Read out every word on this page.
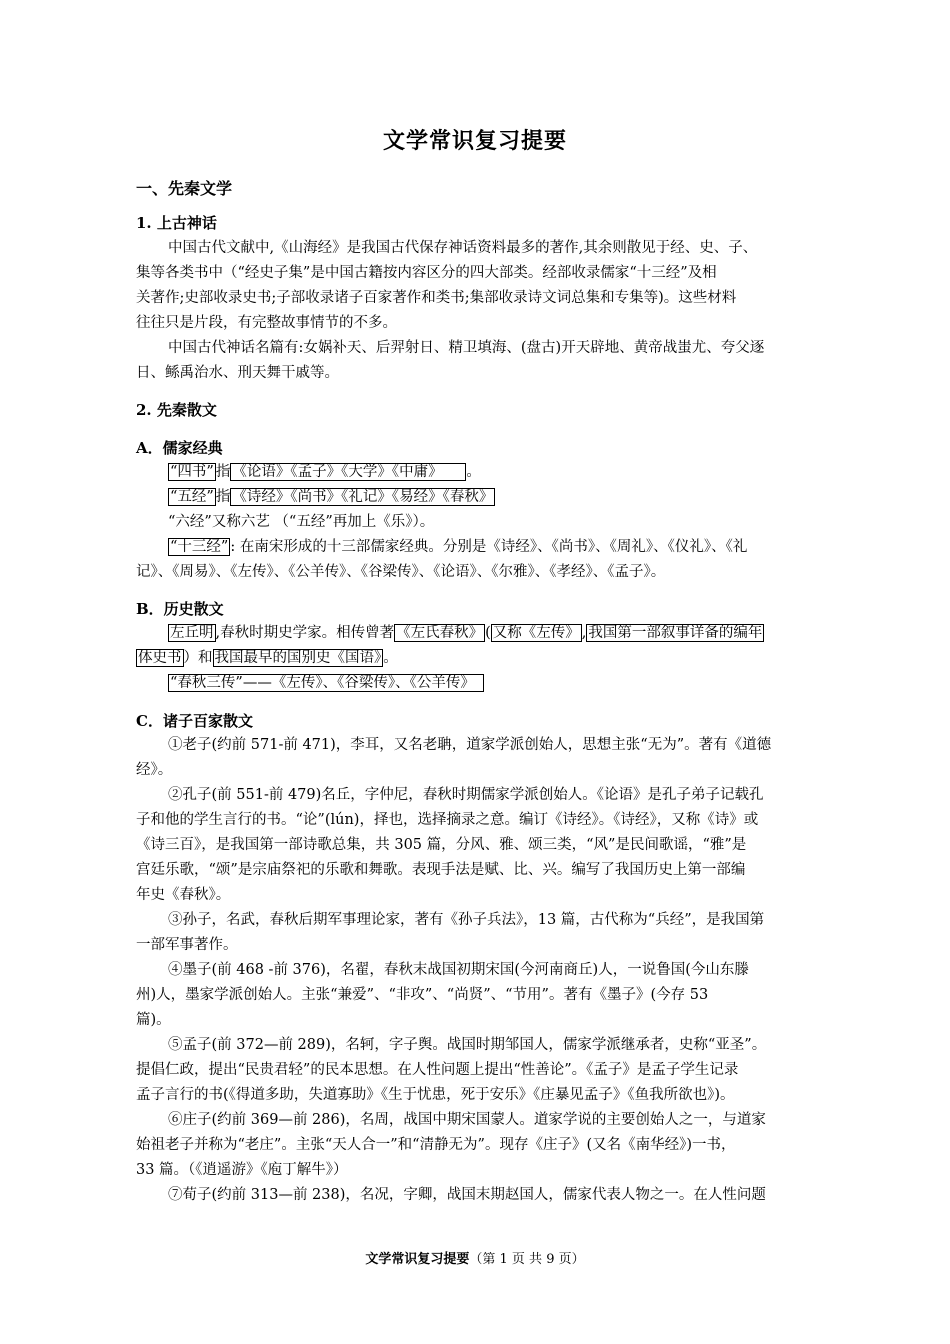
文学常识复习提要
一、先秦文学
1. 上古神话
中国古代文献中,《山海经》是我国古代保存神话资料最多的著作,其余则散见于经、史、子、
集等各类书中（“经史子集”是中国古籍按内容区分的四大部类。经部收录儒家“十三经”及相
关著作;史部收录史书;子部收录诸子百家著作和类书;集部收录诗文词总集和专集等)。这些材料
往往只是片段，有完整故事情节的不多。
中国古代神话名篇有:女娲补天、后羿射日、精卫填海、(盘古)开天辟地、黄帝战蚩尤、夸父逐
日、鲧禹治水、刑天舞干戚等。
2. 先秦散文
A．儒家经典
“四书” 指 《论语》《孟子》《大学》《中庸》 。
“五经” 指 《诗经》《尚书》《礼记》《易经》《春秋》
“六经”又称六艺 （“五经”再加上《乐》）。
“十三经” : 在南宋形成的十三部儒家经典。分别是《诗经》、《尚书》、《周礼》、《仪礼》、《礼
记》、《周易》、《左传》、《公羊传》、《谷梁传》、《论语》、《尔雅》、《孝经》、《孟子》。
B．历史散文
左丘明 ,春秋时期史学家。相传曾著 《左氏春秋》 ( 又称《左传》 , 我国第一部叙事详备的编年
体史书 ）和 我国最早的国别史《国语》 。
“春秋三传”——《左传》、《谷梁传》、《公羊传》
C．诸子百家散文
①老子(约前 571-前 471)，李耳，又名老聃，道家学派创始人，思想主张“无为”。著有《道德
经》。
②孔子(前 551-前 479)名丘，字仲尼，春秋时期儒家学派创始人。《论语》是孔子弟子记载孔
子和他的学生言行的书。“论”(lún)，择也，选择摘录之意。编订《诗经》。《诗经》，又称《诗》或
《诗三百》，是我国第一部诗歌总集，共 305 篇，分风、雅、颂三类，“风”是民间歌谣，“雅”是
宫廷乐歌，“颂”是宗庙祭祀的乐歌和舞歌。表现手法是赋、比、兴。编写了我国历史上第一部编
年史《春秋》。
③孙子，名武，春秋后期军事理论家，著有《孙子兵法》，13 篇，古代称为“兵经”，是我国第
一部军事著作。
④墨子(前 468 -前 376)，名翟，春秋末战国初期宋国(今河南商丘)人，一说鲁国(今山东滕
州)人，墨家学派创始人。主张“兼爱”、“非攻”、“尚贤”、“节用”。著有《墨子》(今存 53
篇)。
⑤孟子(前 372—前 289)，名轲，字子舆。战国时期邹国人，儒家学派继承者，史称“亚圣”。
提倡仁政，提出“民贵君轻”的民本思想。在人性问题上提出“性善论”。《孟子》是孟子学生记录
孟子言行的书(《得道多助，失道寡助》《生于忧患，死于安乐》《庄暴见孟子》《鱼我所欲也》)。
⑥庄子(约前 369—前 286)，名周，战国中期宋国蒙人。道家学说的主要创始人之一，与道家
始祖老子并称为“老庄”。主张“天人合一”和“清静无为”。现存《庄子》(又名《南华经》)一书，
33 篇。（《逍遥游》《庖丁解牛》）
⑦荀子(约前 313—前 238)，名况，字卿，战国末期赵国人，儒家代表人物之一。在人性问题
文学常识复习提要（第 1 页 共 9 页）
